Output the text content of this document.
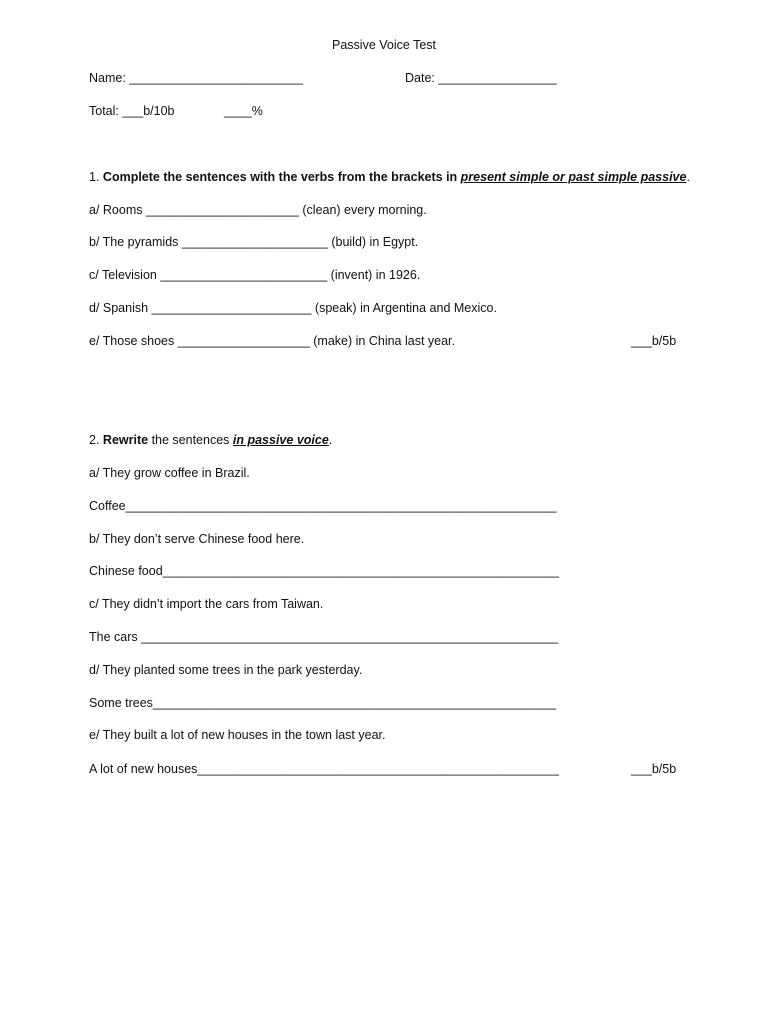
Passive Voice Test
Name: _________________________	Date: _________________
Total: ___b/10b	____%
1. Complete the sentences with the verbs from the brackets in present simple or past simple passive.
a/ Rooms ______________________ (clean) every morning.
b/ The pyramids _____________________ (build) in Egypt.
c/ Television ________________________ (invent) in 1926.
d/ Spanish _______________________ (speak) in Argentina and Mexico.
e/ Those shoes ___________________ (make) in China last year.	___b/5b
2. Rewrite the sentences in passive voice.
a/ They grow coffee in Brazil.
Coffee______________________________________________________________
b/ They don’t serve Chinese food here.
Chinese food_________________________________________________________
c/ They didn’t import the cars from Taiwan.
The cars ____________________________________________________________
d/ They planted some trees in the park yesterday.
Some trees__________________________________________________________
e/ They built a lot of new houses in the town last year.
A lot of new houses____________________________________________________	___b/5b
